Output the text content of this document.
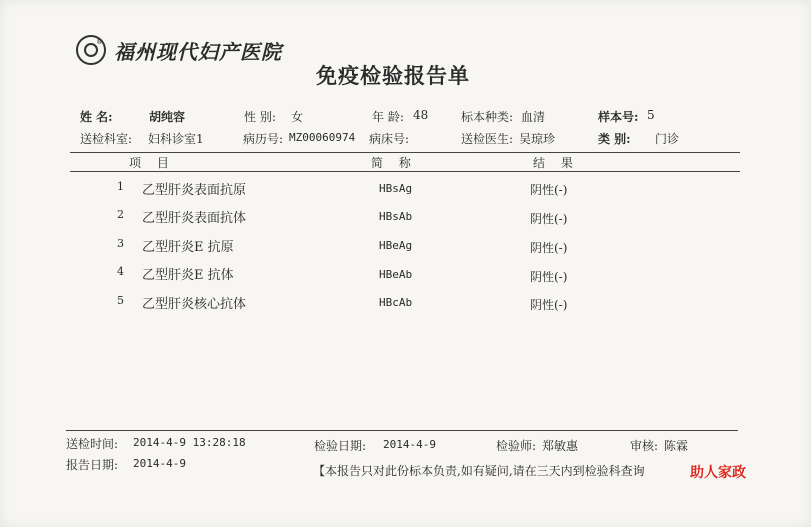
福州现代妇产医院
®
免疫检验报告单
姓 名:	胡纯容	性 别: 女	年 龄: 48	标本种类: 血清	样本号: 5
送检科室: 妇科诊室1	病历号: MZ00060974 病床号:	送检医生: 吴琼珍	类 别: 门诊
项 目	简 称	结 果
1 乙型肝炎表面抗原	HBsAg	阴性(-)
2 乙型肝炎表面抗体	HBsAb	阴性(-)
3 乙型肝炎E 抗原	HBeAg	阴性(-)
4 乙型肝炎E 抗体	HBeAb	阴性(-)
5 乙型肝炎核心抗体	HBcAb	阴性(-)
送检时间: 2014-4-9 13:28:18	检验日期: 2014-4-9	检验师: 郑敏惠	审核: 陈霖
报告日期: 2014-4-9
【本报告只对此份标本负责,如有疑问,请在三天内到检验科查询	助人家政
